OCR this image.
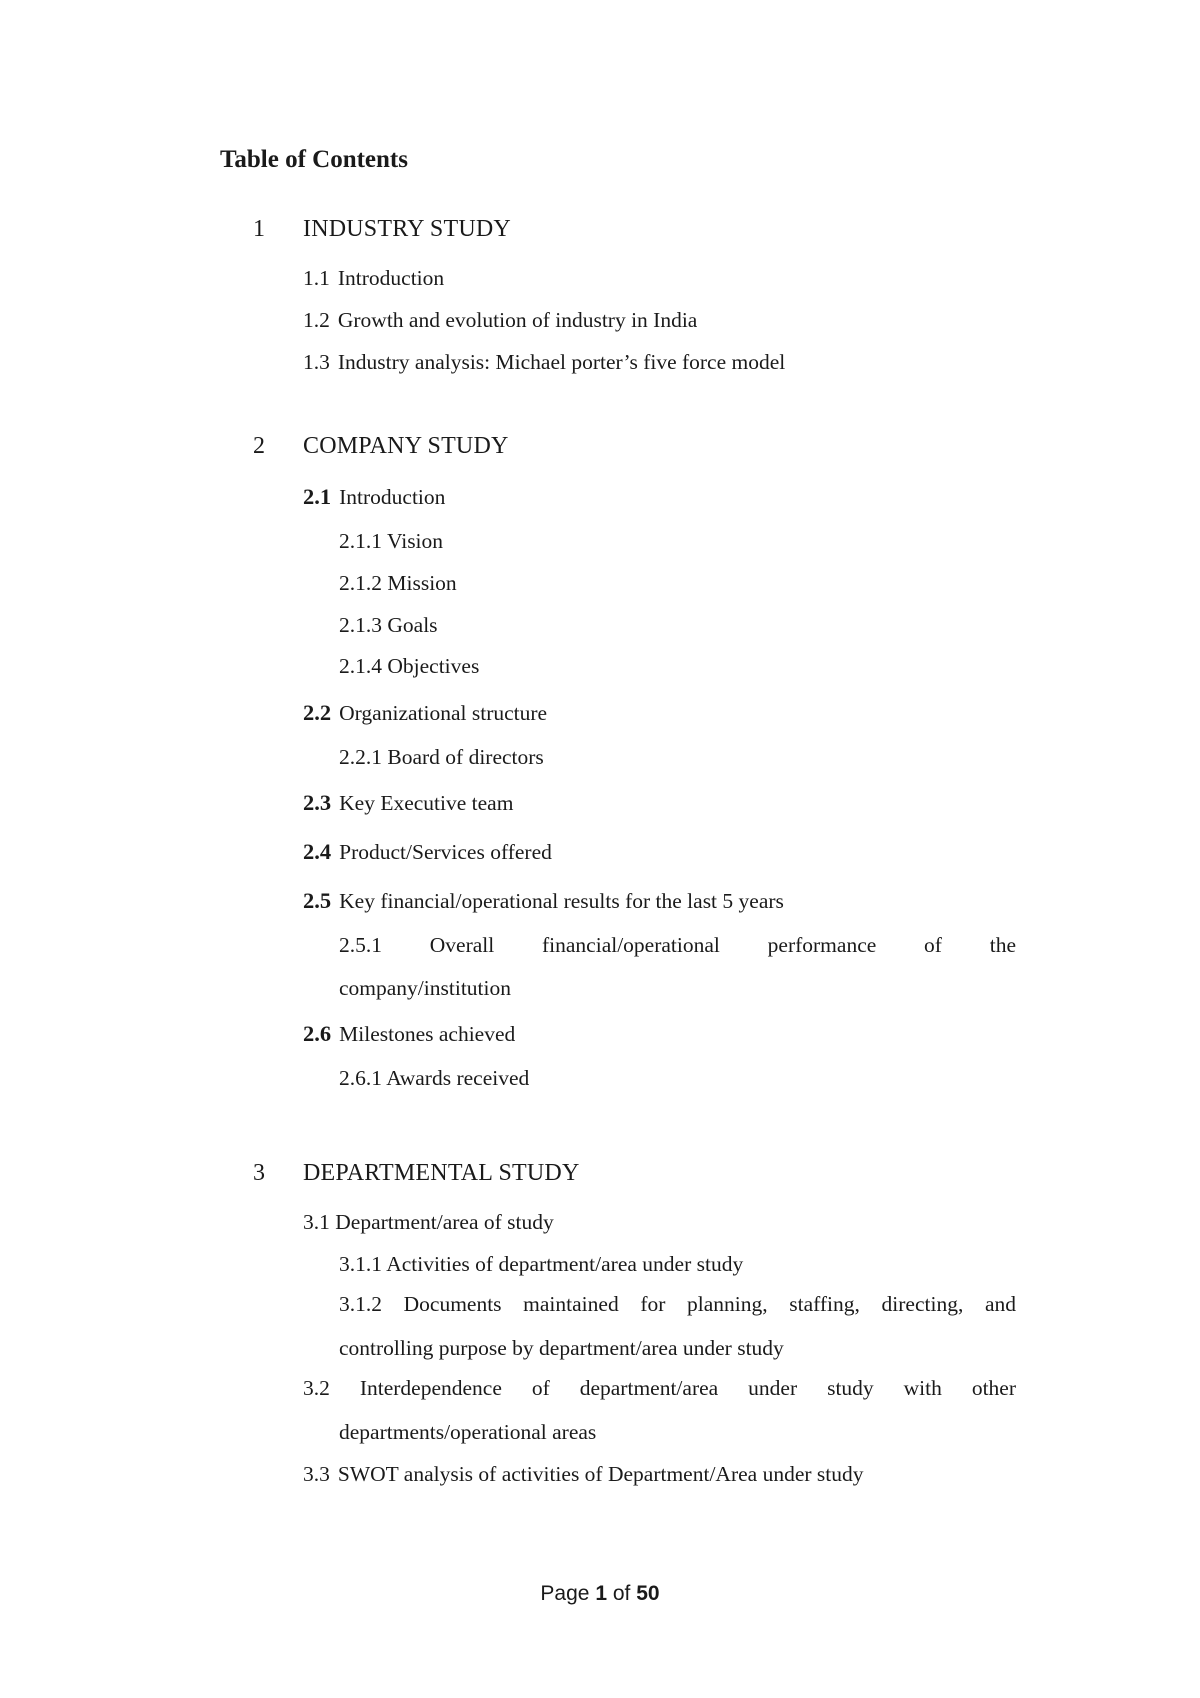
Table of Contents
1 INDUSTRY STUDY
1.1 Introduction
1.2 Growth and evolution of industry in India
1.3 Industry analysis: Michael porter’s five force model
2 COMPANY STUDY
2.1 Introduction
2.1.1 Vision
2.1.2 Mission
2.1.3 Goals
2.1.4 Objectives
2.2 Organizational structure
2.2.1 Board of directors
2.3 Key Executive team
2.4 Product/Services offered
2.5 Key financial/operational results for the last 5 years
2.5.1 Overall financial/operational performance of the
company/institution
2.6 Milestones achieved
2.6.1 Awards received
3 DEPARTMENTAL STUDY
3.1 Department/area of study
3.1.1 Activities of department/area under study
3.1.2 Documents maintained for planning, staffing, directing, and
controlling purpose by department/area under study
3.2 Interdependence of department/area under study with other
departments/operational areas
3.3 SWOT analysis of activities of Department/Area under study
Page 1 of 50
